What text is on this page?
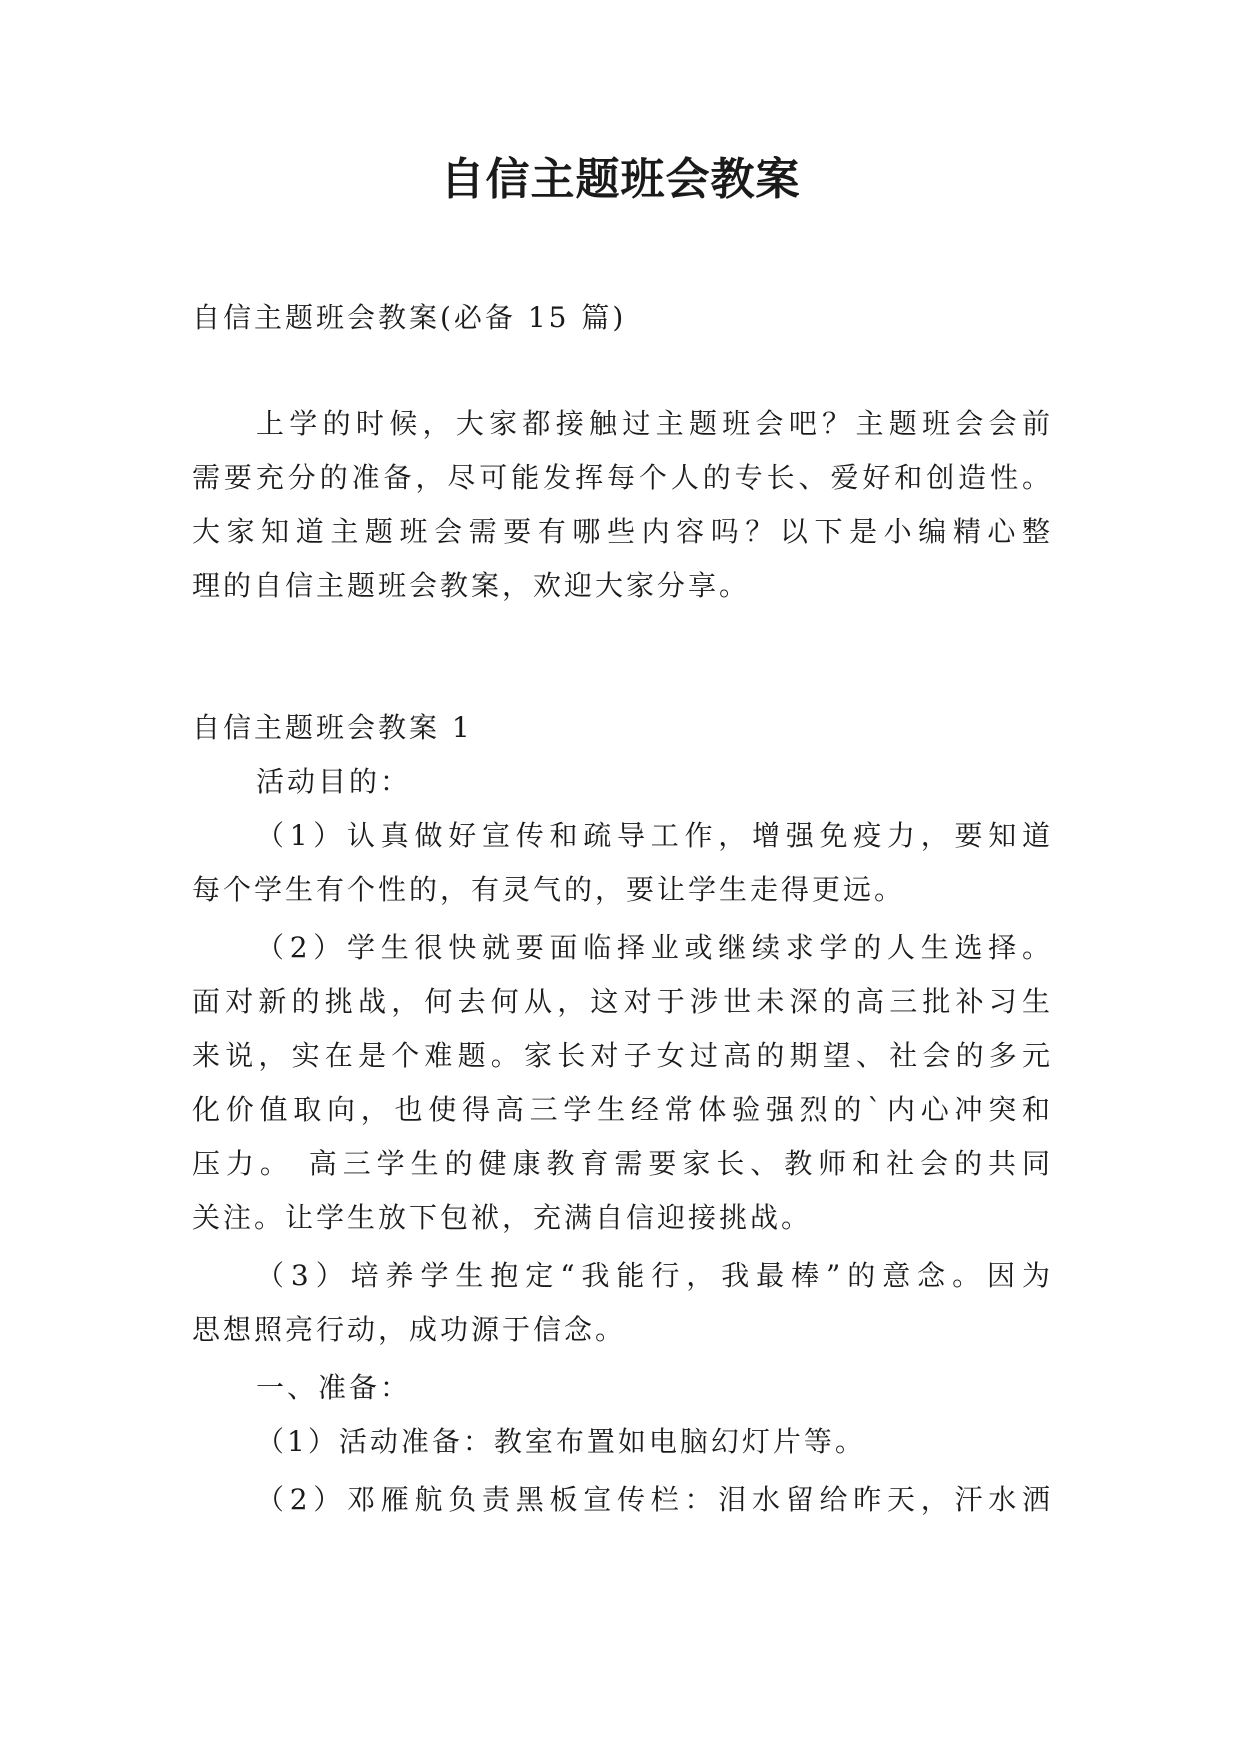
自信主题班会教案
自信主题班会教案(必备 15 篇)
上学的时候，大家都接触过主题班会吧？主题班会会前
需要充分的准备，尽可能发挥每个人的专长、爱好和创造性。
大家知道主题班会需要有哪些内容吗？以下是小编精心整
理的自信主题班会教案，欢迎大家分享。
自信主题班会教案 1
活动目的：
（1）认真做好宣传和疏导工作，增强免疫力，要知道
每个学生有个性的，有灵气的，要让学生走得更远。
（2）学生很快就要面临择业或继续求学的人生选择。
面对新的挑战，何去何从，这对于涉世未深的高三批补习生
来说，实在是个难题。家长对子女过高的期望、社会的多元
化价值取向，也使得高三学生经常体验强烈的`内心冲突和
压力。 高三学生的健康教育需要家长、教师和社会的共同
关注。让学生放下包袱，充满自信迎接挑战。
（3）培养学生抱定“我能行，我最棒”的意念。因为
思想照亮行动，成功源于信念。
一、准备：
（1）活动准备：教室布置如电脑幻灯片等。
（2）邓雁航负责黑板宣传栏：泪水留给昨天，汗水洒
